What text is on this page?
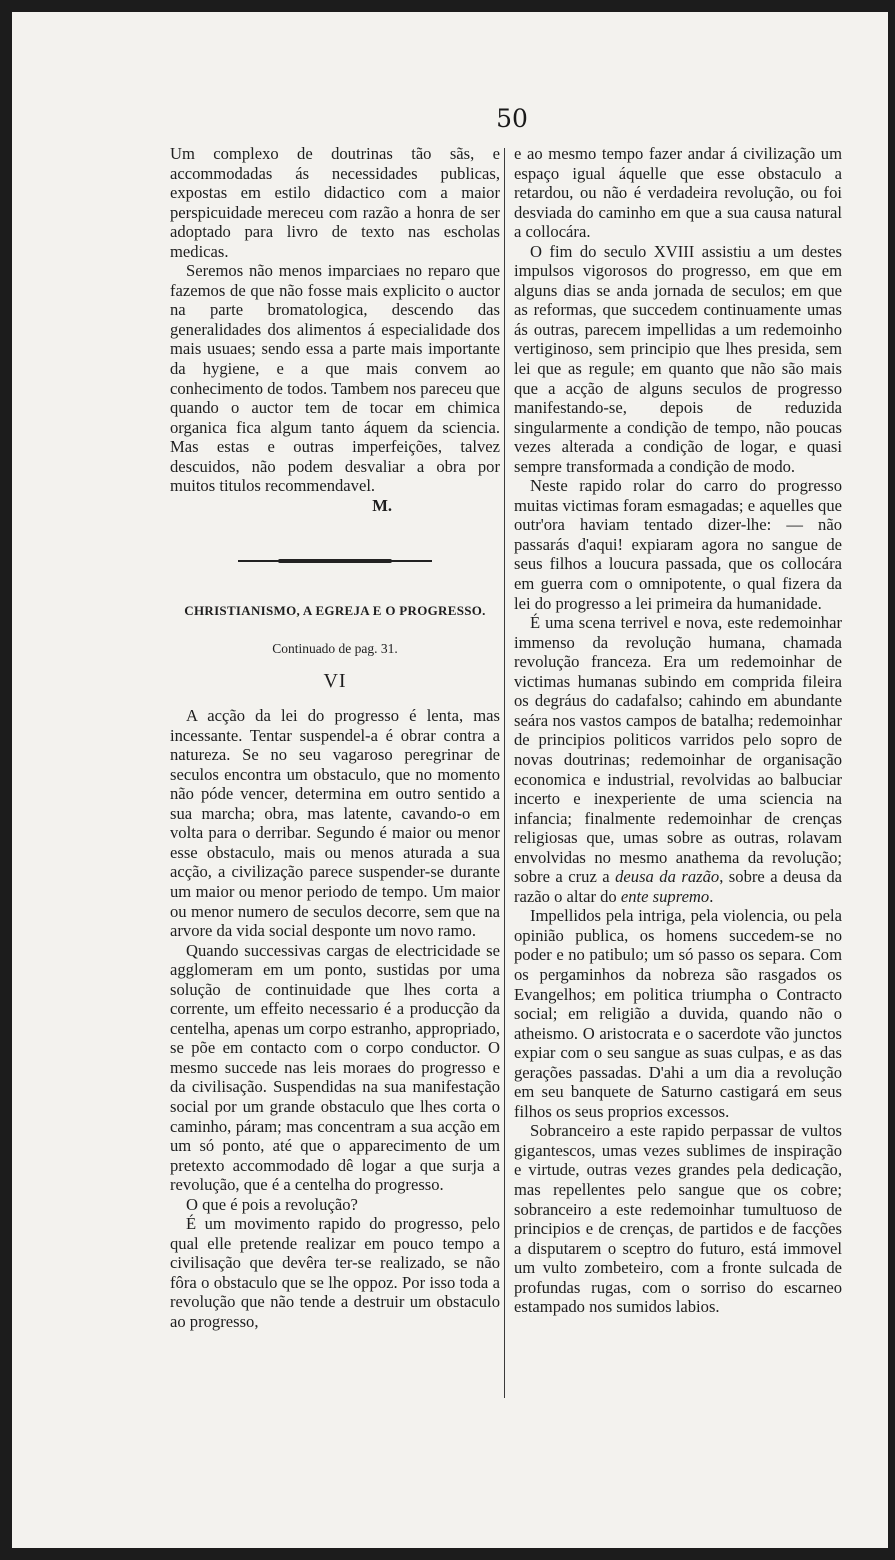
50

Um complexo de doutrinas tão sãs, e accommodadas ás necessidades publicas, expostas em estilo didactico com a maior perspicuidade mereceu com razão a honra de ser adoptado para livro de texto nas escholas medicas.

Seremos não menos imparciaes no reparo que fazemos de que não fosse mais explicito o auctor na parte bromatologica, descendo das generalidades dos alimentos á especialidade dos mais usuaes; sendo essa a parte mais importante da hygiene, e a que mais convem ao conhecimento de todos. Tambem nos pareceu que quando o auctor tem de tocar em chimica organica fica algum tanto áquem da sciencia. Mas estas e outras imperfeições, talvez descuidos, não podem desvaliar a obra por muitos titulos recommendavel.
M.

CHRISTIANISMO, A EGREJA E O PROGRESSO.
Continuado de pag. 31.
VI

A acção da lei do progresso é lenta, mas incessante. Tentar suspendel-a é obrar contra a natureza. Se no seu vagaroso peregrinar de seculos encontra um obstaculo, que no momento não póde vencer, determina em outro sentido a sua marcha; obra, mas latente, cavando-o em volta para o derribar. Segundo é maior ou menor esse obstaculo, mais ou menos aturada a sua acção, a civilização parece suspender-se durante um maior ou menor periodo de tempo. Um maior ou menor numero de seculos decorre, sem que na arvore da vida social desponte um novo ramo.

Quando successivas cargas de electricidade se agglomeram em um ponto, sustidas por uma solução de continuidade que lhes corta a corrente, um effeito necessario é a producção da centelha, apenas um corpo estranho, appropriado, se põe em contacto com o corpo conductor. O mesmo succede nas leis moraes do progresso e da civilisação. Suspendidas na sua manifestação social por um grande obstaculo que lhes corta o caminho, páram; mas concentram a sua acção em um só ponto, até que o apparecimento de um pretexto accommodado dê logar a que surja a revolução, que é a centelha do progresso.

O que é pois a revolução?

É um movimento rapido do progresso, pelo qual elle pretende realizar em pouco tempo a civilisação que devêra ter-se realizado, se não fôra o obstaculo que se lhe oppoz. Por isso toda a revolução que não tende a destruir um obstaculo ao progresso,

e ao mesmo tempo fazer andar á civilização um espaço igual áquelle que esse obstaculo a retardou, ou não é verdadeira revolução, ou foi desviada do caminho em que a sua causa natural a collocára.

O fim do seculo XVIII assistiu a um destes impulsos vigorosos do progresso, em que em alguns dias se anda jornada de seculos; em que as reformas, que succedem continuamente umas ás outras, parecem impellidas a um redemoinho vertiginoso, sem principio que lhes presida, sem lei que as regule; em quanto que não são mais que a acção de alguns seculos de progresso manifestando-se, depois de reduzida singularmente a condição de tempo, não poucas vezes alterada a condição de logar, e quasi sempre transformada a condição de modo.

Neste rapido rolar do carro do progresso muitas victimas foram esmagadas; e aquelles que outr'ora haviam tentado dizer-lhe: — não passarás d'aqui! expiaram agora no sangue de seus filhos a loucura passada, que os collocára em guerra com o omnipotente, o qual fizera da lei do progresso a lei primeira da humanidade.

É uma scena terrivel e nova, este redemoinhar immenso da revolução humana, chamada revolução franceza. Era um redemoinhar de victimas humanas subindo em comprida fileira os degráus do cadafalso; cahindo em abundante seára nos vastos campos de batalha; redemoinhar de principios politicos varridos pelo sopro de novas doutrinas; redemoinhar de organisação economica e industrial, revolvidas ao balbuciar incerto e inexperiente de uma sciencia na infancia; finalmente redemoinhar de crenças religiosas que, umas sobre as outras, rolavam envolvidas no mesmo anathema da revolução; sobre a cruz a deusa da razão, sobre a deusa da razão o altar do ente supremo.

Impellidos pela intriga, pela violencia, ou pela opinião publica, os homens succedem-se no poder e no patibulo; um só passo os separa. Com os pergaminhos da nobreza são rasgados os Evangelhos; em politica triumpha o Contracto social; em religião a duvida, quando não o atheismo. O aristocrata e o sacerdote vão junctos expiar com o seu sangue as suas culpas, e as das gerações passadas. D'ahi a um dia a revolução em seu banquete de Saturno castigará em seus filhos os seus proprios excessos.

Sobranceiro a este rapido perpassar de vultos gigantescos, umas vezes sublimes de inspiração e virtude, outras vezes grandes pela dedicação, mas repellentes pelo sangue que os cobre; sobranceiro a este redemoinhar tumultuoso de principios e de crenças, de partidos e de facções a disputarem o sceptro do futuro, está immovel um vulto zombeteiro, com a fronte sulcada de profundas rugas, com o sorriso do escarneo estampado nos sumidos labios.
